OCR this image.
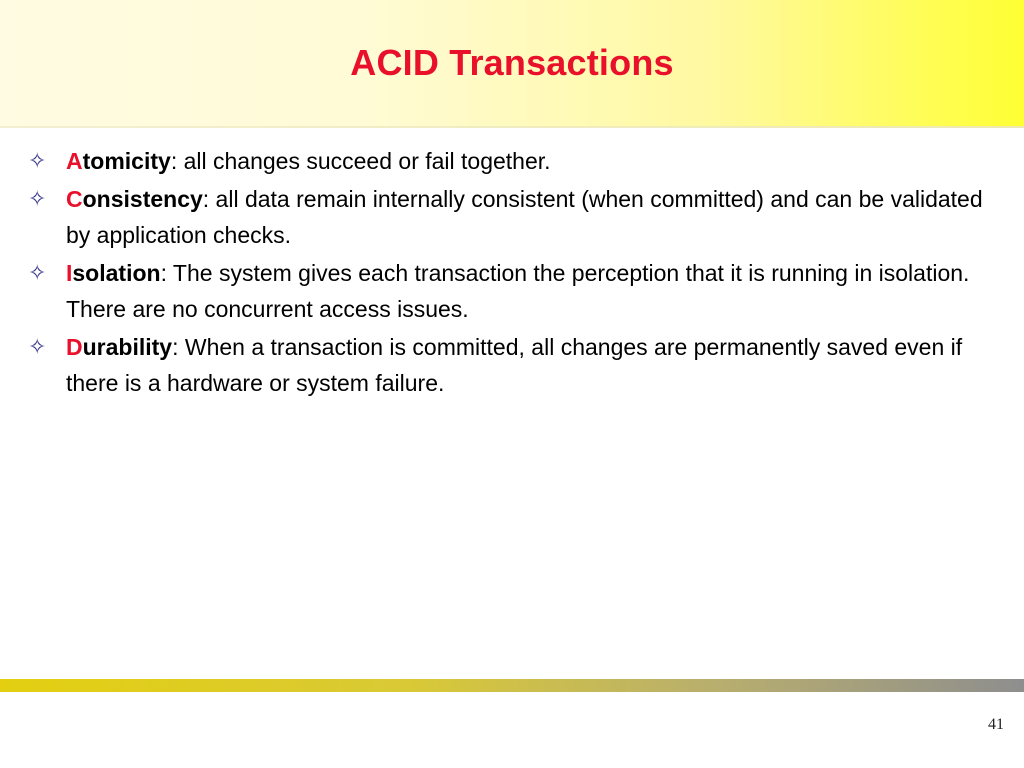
ACID Transactions
✧ Atomicity: all changes succeed or fail together.
✧ Consistency: all data remain internally consistent (when committed) and can be validated by application checks.
✧ Isolation: The system gives each transaction the perception that it is running in isolation. There are no concurrent access issues.
✧ Durability: When a transaction is committed, all changes are permanently saved even if there is a hardware or system failure.
41
